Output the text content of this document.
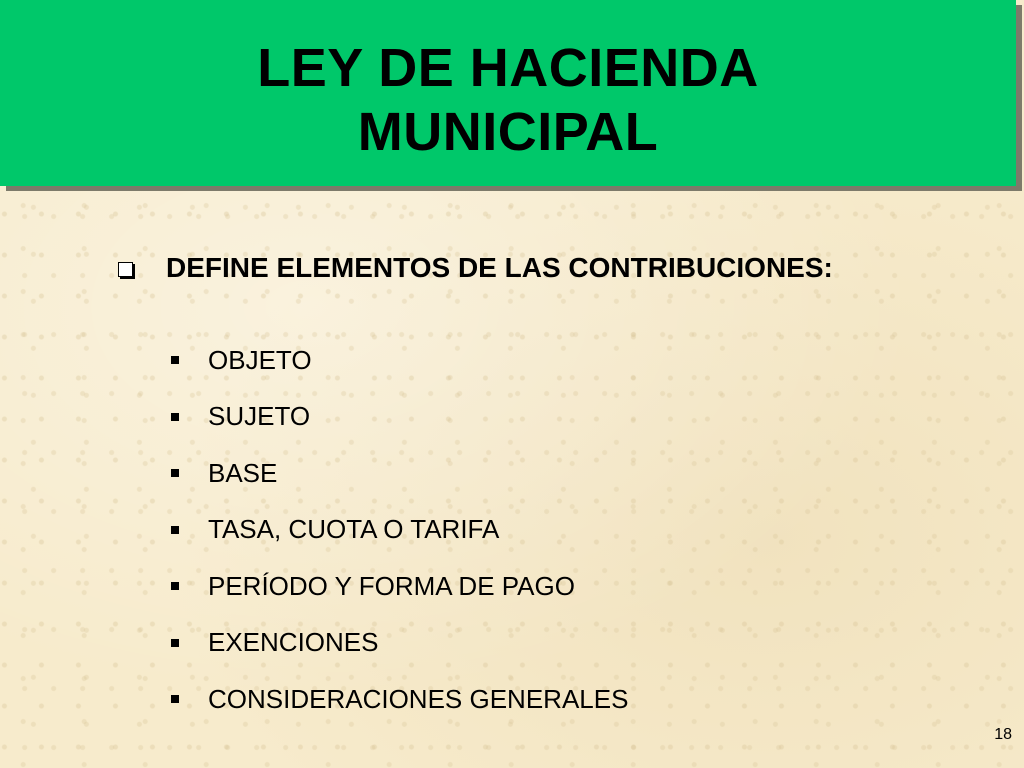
LEY DE HACIENDA
MUNICIPAL
DEFINE ELEMENTOS DE LAS CONTRIBUCIONES:
OBJETO
SUJETO
BASE
TASA, CUOTA O TARIFA
PERÍODO Y FORMA DE PAGO
EXENCIONES
CONSIDERACIONES GENERALES
18
